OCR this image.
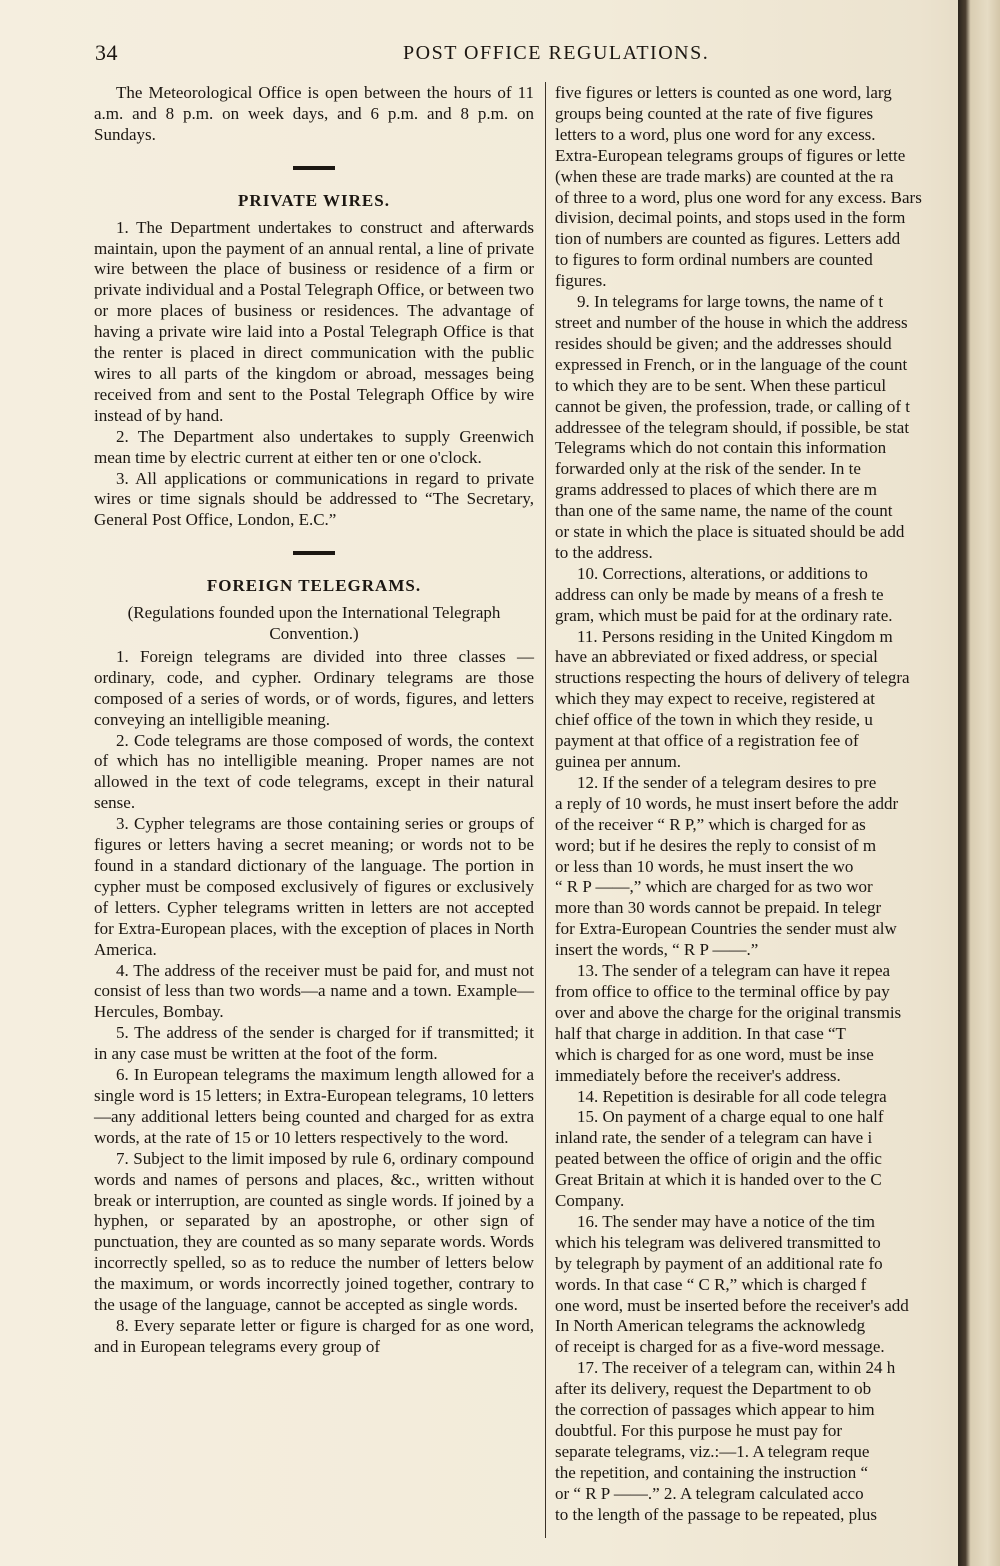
34	POST OFFICE REGULATIONS.

The Meteorological Office is open between the hours of 11 a.m. and 8 p.m. on week days, and 6 p.m. and 8 p.m. on Sundays.

PRIVATE WIRES.

1. The Department undertakes to construct and afterwards maintain, upon the payment of an annual rental, a line of private wire between the place of business or residence of a firm or private individual and a Postal Telegraph Office, or between two or more places of business or residences. The advantage of having a private wire laid into a Postal Telegraph Office is that the renter is placed in direct communication with the public wires to all parts of the kingdom or abroad, messages being received from and sent to the Postal Telegraph Office by wire instead of by hand.

2. The Department also undertakes to supply Greenwich mean time by electric current at either ten or one o'clock.

3. All applications or communications in regard to private wires or time signals should be addressed to “The Secretary, General Post Office, London, E.C.”

FOREIGN TELEGRAMS.

(Regulations founded upon the International Telegraph Convention.)

1. Foreign telegrams are divided into three classes —ordinary, code, and cypher. Ordinary telegrams are those composed of a series of words, or of words, figures, and letters conveying an intelligible meaning.

2. Code telegrams are those composed of words, the context of which has no intelligible meaning. Proper names are not allowed in the text of code telegrams, except in their natural sense.

3. Cypher telegrams are those containing series or groups of figures or letters having a secret meaning; or words not to be found in a standard dictionary of the language. The portion in cypher must be composed exclusively of figures or exclusively of letters. Cypher telegrams written in letters are not accepted for Extra-European places, with the exception of places in North America.

4. The address of the receiver must be paid for, and must not consist of less than two words—a name and a town. Example—Hercules, Bombay.

5. The address of the sender is charged for if transmitted; it in any case must be written at the foot of the form.

6. In European telegrams the maximum length allowed for a single word is 15 letters; in Extra-European telegrams, 10 letters—any additional letters being counted and charged for as extra words, at the rate of 15 or 10 letters respectively to the word.

7. Subject to the limit imposed by rule 6, ordinary compound words and names of persons and places, &c., written without break or interruption, are counted as single words. If joined by a hyphen, or separated by an apostrophe, or other sign of punctuation, they are counted as so many separate words. Words incorrectly spelled, so as to reduce the number of letters below the maximum, or words incorrectly joined together, contrary to the usage of the language, cannot be accepted as single words.

8. Every separate letter or figure is charged for as one word, and in European telegrams every group of

five figures or letters is counted as one word, larg
groups being counted at the rate of five figures
letters to a word, plus one word for any excess.
Extra-European telegrams groups of figures or lette
(when these are trade marks) are counted at the ra
of three to a word, plus one word for any excess. Bars
division, decimal points, and stops used in the form
tion of numbers are counted as figures. Letters add
to figures to form ordinal numbers are counted
figures.
9. In telegrams for large towns, the name of t
street and number of the house in which the address
resides should be given; and the addresses should
expressed in French, or in the language of the count
to which they are to be sent. When these particul
cannot be given, the profession, trade, or calling of t
addressee of the telegram should, if possible, be stat
Telegrams which do not contain this information
forwarded only at the risk of the sender. In te
grams addressed to places of which there are m
than one of the same name, the name of the count
or state in which the place is situated should be add
to the address.
10. Corrections, alterations, or additions to
address can only be made by means of a fresh te
gram, which must be paid for at the ordinary rate.
11. Persons residing in the United Kingdom m
have an abbreviated or fixed address, or special
structions respecting the hours of delivery of telegra
which they may expect to receive, registered at
chief office of the town in which they reside, u
payment at that office of a registration fee of
guinea per annum.
12. If the sender of a telegram desires to pre
a reply of 10 words, he must insert before the addr
of the receiver “ R P,” which is charged for as
word; but if he desires the reply to consist of m
or less than 10 words, he must insert the wo
“ R P ——,” which are charged for as two wor
more than 30 words cannot be prepaid. In telegr
for Extra-European Countries the sender must alw
insert the words, “ R P ——.”
13. The sender of a telegram can have it repea
from office to office to the terminal office by pay
over and above the charge for the original transmis
half that charge in addition. In that case “T
which is charged for as one word, must be inse
immediately before the receiver's address.
14. Repetition is desirable for all code telegra
15. On payment of a charge equal to one half
inland rate, the sender of a telegram can have i
peated between the office of origin and the offic
Great Britain at which it is handed over to the C
Company.
16. The sender may have a notice of the tim
which his telegram was delivered transmitted to
by telegraph by payment of an additional rate fo
words. In that case “ C R,” which is charged f
one word, must be inserted before the receiver's add
In North American telegrams the acknowledg
of receipt is charged for as a five-word message.
17. The receiver of a telegram can, within 24 h
after its delivery, request the Department to ob
the correction of passages which appear to him
doubtful. For this purpose he must pay for
separate telegrams, viz.:—1. A telegram reque
the repetition, and containing the instruction “
or “ R P ——.” 2. A telegram calculated acco
to the length of the passage to be repeated, plus
